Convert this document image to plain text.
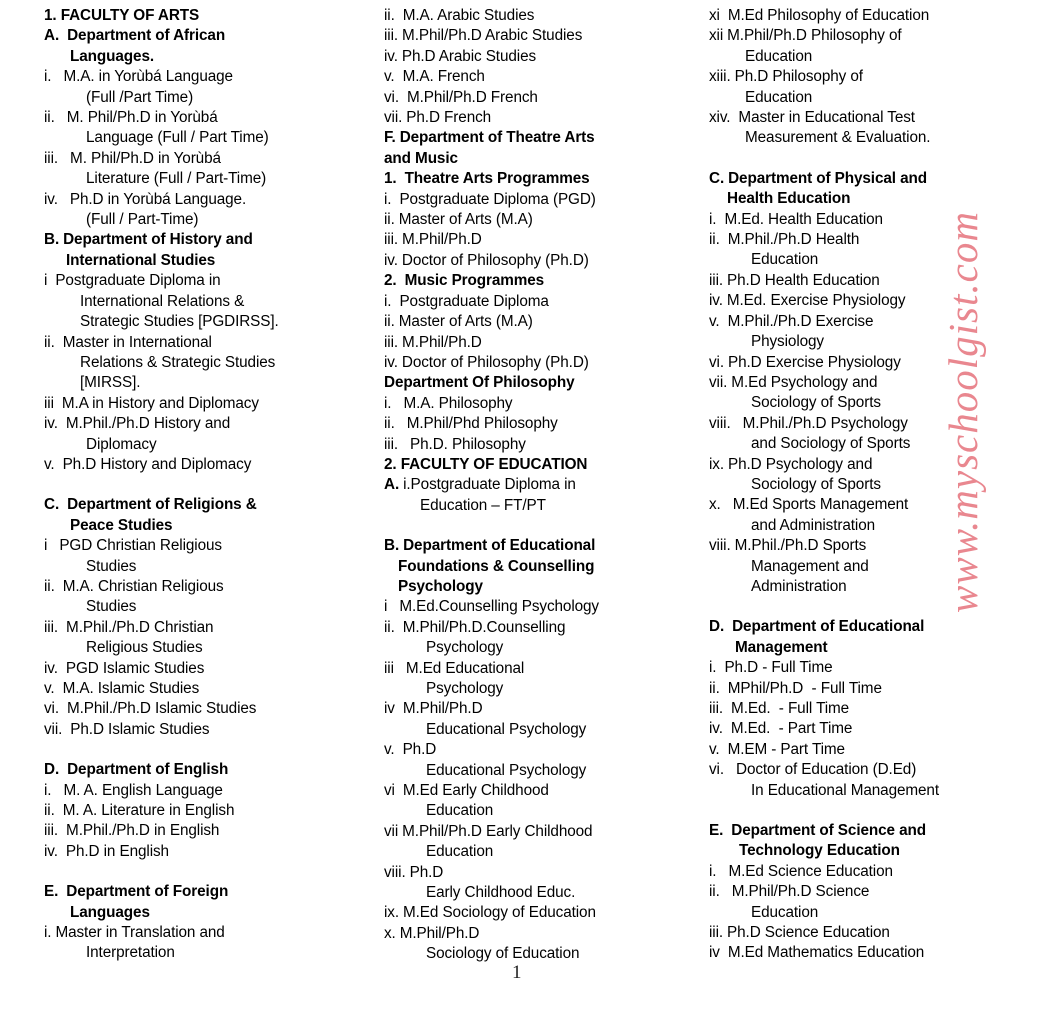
1. FACULTY OF ARTS
A. Department of African
Languages.
i. M.A. in Yorùbá Language
(Full /Part Time)
ii. M. Phil/Ph.D in Yorùbá
Language (Full / Part Time)
iii. M. Phil/Ph.D in Yorùbá
Literature (Full / Part-Time)
iv. Ph.D in Yorùbá Language.
(Full / Part-Time)
B. Department of History and
International Studies
i Postgraduate Diploma in
International Relations &
Strategic Studies [PGDIRSS].
ii. Master in International
Relations & Strategic Studies
[MIRSS].
iii M.A in History and Diplomacy
iv. M.Phil./Ph.D History and
Diplomacy
v. Ph.D History and Diplomacy
C. Department of Religions &
Peace Studies
i PGD Christian Religious
Studies
ii. M.A. Christian Religious
Studies
iii. M.Phil./Ph.D Christian
Religious Studies
iv. PGD Islamic Studies
v. M.A. Islamic Studies
vi. M.Phil./Ph.D Islamic Studies
vii. Ph.D Islamic Studies
D. Department of English
i. M. A. English Language
ii. M. A. Literature in English
iii. M.Phil./Ph.D in English
iv. Ph.D in English
E. Department of Foreign
Languages
i. Master in Translation and
Interpretation
ii. M.A. Arabic Studies
iii. M.Phil/Ph.D Arabic Studies
iv. Ph.D Arabic Studies
v. M.A. French
vi. M.Phil/Ph.D French
vii. Ph.D French
F. Department of Theatre Arts
and Music
1. Theatre Arts Programmes
i. Postgraduate Diploma (PGD)
ii. Master of Arts (M.A)
iii. M.Phil/Ph.D
iv. Doctor of Philosophy (Ph.D)
2. Music Programmes
i. Postgraduate Diploma
ii. Master of Arts (M.A)
iii. M.Phil/Ph.D
iv. Doctor of Philosophy (Ph.D)
Department Of Philosophy
i. M.A. Philosophy
ii. M.Phil/Phd Philosophy
iii. Ph.D. Philosophy
2. FACULTY OF EDUCATION
A. i.Postgraduate Diploma in
Education – FT/PT
B. Department of Educational
Foundations & Counselling
Psychology
i M.Ed.Counselling Psychology
ii. M.Phil/Ph.D.Counselling
Psychology
iii M.Ed Educational
Psychology
iv M.Phil/Ph.D
Educational Psychology
v. Ph.D
Educational Psychology
vi M.Ed Early Childhood
Education
vii M.Phil/Ph.D Early Childhood
Education
viii. Ph.D
Early Childhood Educ.
ix. M.Ed Sociology of Education
x. M.Phil/Ph.D
Sociology of Education
xi M.Ed Philosophy of Education
xii M.Phil/Ph.D Philosophy of
Education
xiii. Ph.D Philosophy of
Education
xiv. Master in Educational Test
Measurement & Evaluation.
C. Department of Physical and
Health Education
i. M.Ed. Health Education
ii. M.Phil./Ph.D Health
Education
iii. Ph.D Health Education
iv. M.Ed. Exercise Physiology
v. M.Phil./Ph.D Exercise
Physiology
vi. Ph.D Exercise Physiology
vii. M.Ed Psychology and
Sociology of Sports
viii. M.Phil./Ph.D Psychology
and Sociology of Sports
ix. Ph.D Psychology and
Sociology of Sports
x. M.Ed Sports Management
and Administration
viii. M.Phil./Ph.D Sports
Management and
Administration
D. Department of Educational
Management
i. Ph.D - Full Time
ii. MPhil/Ph.D  - Full Time
iii. M.Ed.  - Full Time
iv. M.Ed.  - Part Time
v. M.EM - Part Time
vi. Doctor of Education (D.Ed)
In Educational Management
E. Department of Science and
Technology Education
i. M.Ed Science Education
ii. M.Phil/Ph.D Science
Education
iii. Ph.D Science Education
iv M.Ed Mathematics Education
1
www.myschoolgist.com
